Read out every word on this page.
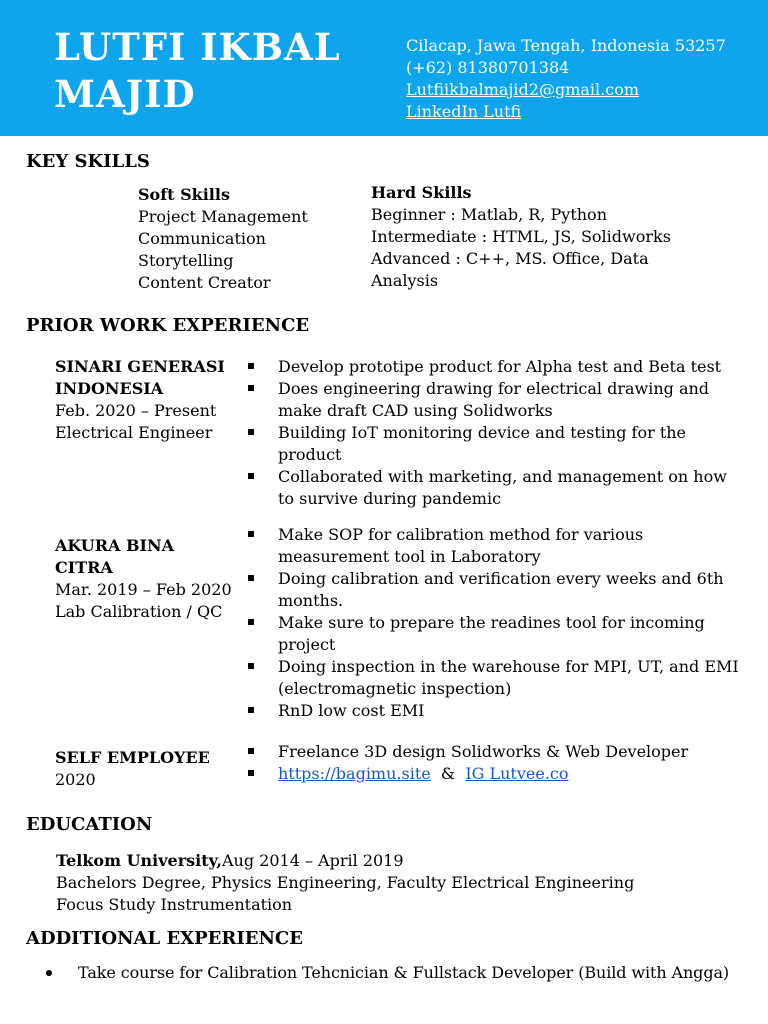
LUTFI IKBAL
MAJID
Cilacap, Jawa Tengah, Indonesia 53257
(+62) 81380701384
Lutfiikbalmajid2@gmail.com
LinkedIn Lutfi
KEY SKILLS
Soft Skills
Project Management
Communication
Storytelling
Content Creator
Hard Skills
Beginner : Matlab, R, Python
Intermediate : HTML, JS, Solidworks
Advanced : C++, MS. Office, Data
Analysis
PRIOR WORK EXPERIENCE
SINARI GENERASI
INDONESIA
Feb. 2020 – Present
Electrical Engineer
Develop prototipe product for Alpha test and Beta test
Does engineering drawing for electrical drawing and make draft CAD using Solidworks
Building IoT monitoring device and testing for the product
Collaborated with marketing, and management on how to survive during pandemic
AKURA BINA
CITRA
Mar. 2019 – Feb 2020
Lab Calibration / QC
Make SOP for calibration method for various measurement tool in Laboratory
Doing calibration and verification every weeks and 6th months.
Make sure to prepare the readines tool for incoming project
Doing inspection in the warehouse for MPI, UT, and EMI (electromagnetic inspection)
RnD low cost EMI
SELF EMPLOYEE
2020
Freelance 3D design Solidworks & Web Developer
https://bagimu.site & IG Lutvee.co
EDUCATION
Telkom University,Aug 2014 – April 2019
Bachelors Degree, Physics Engineering, Faculty Electrical Engineering
Focus Study Instrumentation
ADDITIONAL EXPERIENCE
Take course for Calibration Tehcnician & Fullstack Developer (Build with Angga)
